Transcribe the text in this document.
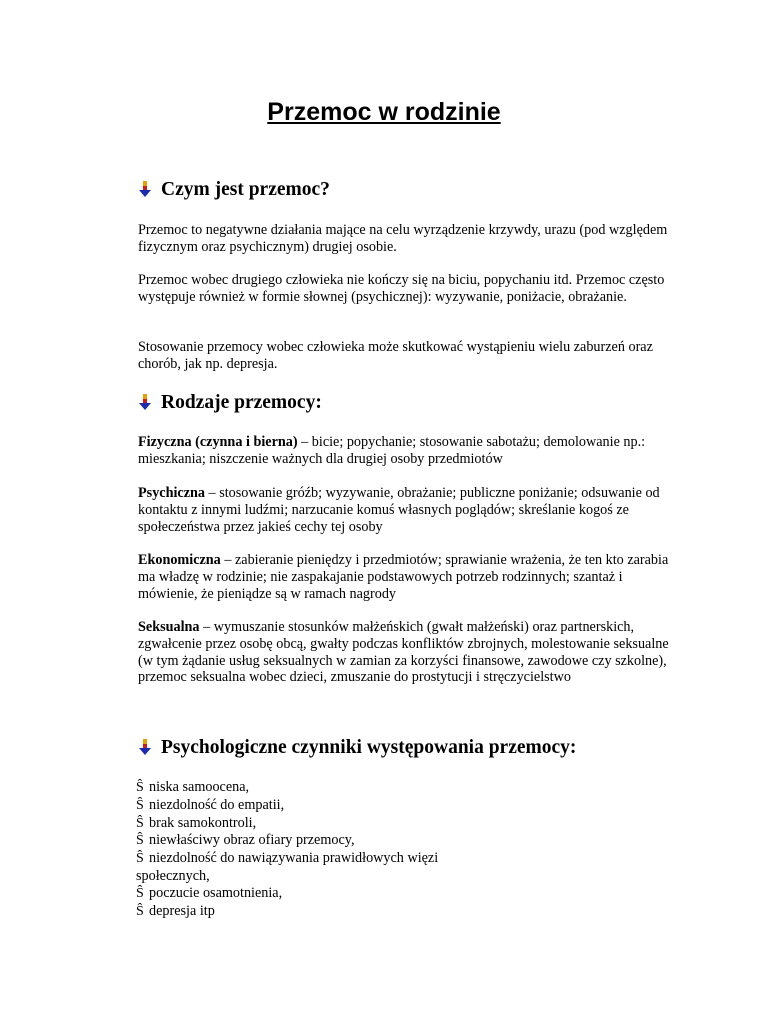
Przemoc w rodzinie
Czym jest przemoc?

Przemoc to negatywne działania mające na celu wyrządzenie krzywdy, urazu (pod względem fizycznym oraz psychicznym) drugiej osobie.

Przemoc wobec drugiego człowieka nie kończy się na biciu, popychaniu itd. Przemoc często występuje również w formie słownej (psychicznej): wyzywanie, poniżacie, obrażanie.

Stosowanie przemocy wobec człowieka może skutkować wystąpieniu wielu zaburzeń oraz chorób, jak np. depresja.

Rodzaje przemocy:

Fizyczna (czynna i bierna) – bicie; popychanie; stosowanie sabotażu; demolowanie np.: mieszkania; niszczenie ważnych dla drugiej osoby przedmiotów

Psychiczna – stosowanie gróźb; wyzywanie, obrażanie; publiczne poniżanie; odsuwanie od kontaktu z innymi ludźmi; narzucanie komuś własnych poglądów; skreślanie kogoś ze społeczeństwa przez jakieś cechy tej osoby

Ekonomiczna – zabieranie pieniędzy i przedmiotów; sprawianie wrażenia, że ten kto zarabia ma władzę w rodzinie; nie zaspakajanie podstawowych potrzeb rodzinnych; szantaż i mówienie, że pieniądze są w ramach nagrody

Seksualna – wymuszanie stosunków małżeńskich (gwałt małżeński) oraz partnerskich, zgwałcenie przez osobę obcą, gwałty podczas konfliktów zbrojnych, molestowanie seksualne (w tym żądanie usług seksualnych w zamian za korzyści finansowe, zawodowe czy szkolne), przemoc seksualna wobec dzieci, zmuszanie do prostytucji i stręczycielstwo

Psychologiczne czynniki występowania przemocy:
Ŝ niska samoocena,
Ŝ niezdolność do empatii,
Ŝ brak samokontroli,
Ŝ niewłaściwy obraz ofiary przemocy,
Ŝ niezdolność do nawiązywania prawidłowych więzi
społecznych,
Ŝ poczucie osamotnienia,
Ŝ depresja itp
